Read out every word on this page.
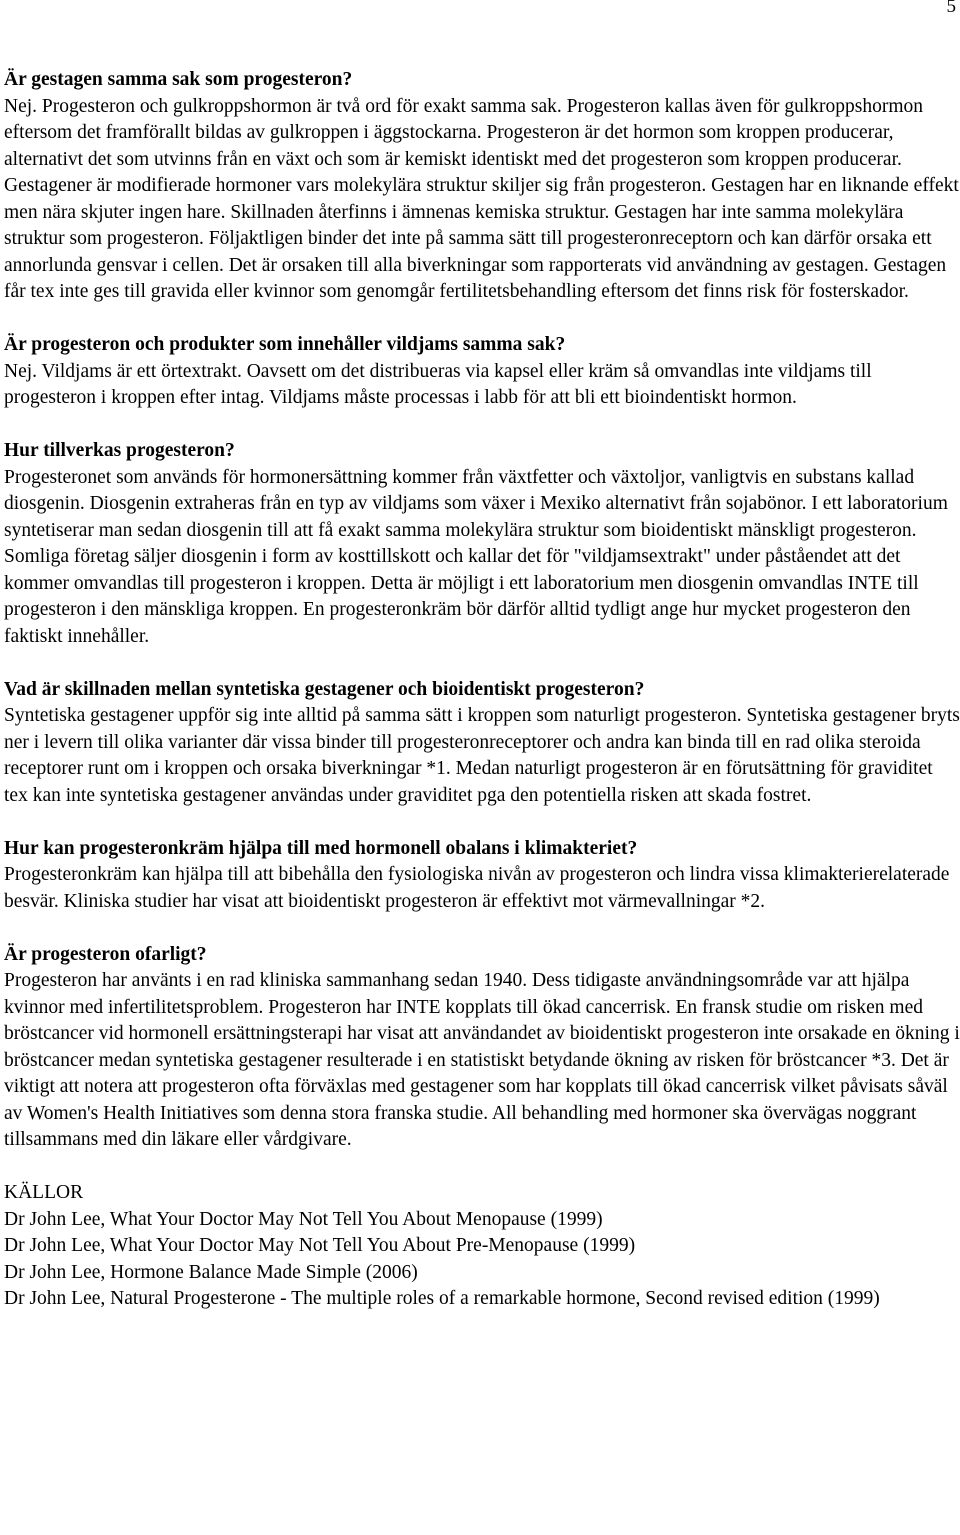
5

Är gestagen samma sak som progesteron?

Nej. Progesteron och gulkroppshormon är två ord för exakt samma sak. Progesteron kallas även för gulkroppshormon eftersom det framförallt bildas av gulkroppen i äggstockarna. Progesteron är det hormon som kroppen producerar, alternativt det som utvinns från en växt och som är kemiskt identiskt med det progesteron som kroppen producerar.

Gestagener är modifierade hormoner vars molekylära struktur skiljer sig från progesteron. Gestagen har en liknande effekt men nära skjuter ingen hare. Skillnaden återfinns i ämnenas kemiska struktur. Gestagen har inte samma molekylära struktur som progesteron. Följaktligen binder det inte på samma sätt till progesteronreceptorn och kan därför orsaka ett annorlunda gensvar i cellen. Det är orsaken till alla biverkningar som rapporterats vid användning av gestagen. Gestagen får tex inte ges till gravida eller kvinnor som genomgår fertilitetsbehandling eftersom det finns risk för fosterskador.

Är progesteron och produkter som innehåller vildjams samma sak?

Nej. Vildjams är ett örtextrakt. Oavsett om det distribueras via kapsel eller kräm så omvandlas inte vildjams till progesteron i kroppen efter intag. Vildjams måste processas i labb för att bli ett bioindentiskt hormon.

Hur tillverkas progesteron?

Progesteronet som används för hormonersättning kommer från växtfetter och växtoljor, vanligtvis en substans kallad diosgenin. Diosgenin extraheras från en typ av vildjams som växer i Mexiko alternativt från sojabönor. I ett laboratorium syntetiserar man sedan diosgenin till att få exakt samma molekylära struktur som bioidentiskt mänskligt progesteron. Somliga företag säljer diosgenin i form av kosttillskott och kallar det för "vildjamsextrakt" under påståendet att det kommer omvandlas till progesteron i kroppen. Detta är möjligt i ett laboratorium men diosgenin omvandlas INTE till progesteron i den mänskliga kroppen. En progesteronkräm bör därför alltid tydligt ange hur mycket progesteron den faktiskt innehåller.

Vad är skillnaden mellan syntetiska gestagener och bioidentiskt progesteron?

Syntetiska gestagener uppför sig inte alltid på samma sätt i kroppen som naturligt progesteron. Syntetiska gestagener bryts ner i levern till olika varianter där vissa binder till progesteronreceptorer och andra kan binda till en rad olika steroida receptorer runt om i kroppen och orsaka biverkningar *1. Medan naturligt progesteron är en förutsättning för graviditet tex kan inte syntetiska gestagener användas under graviditet pga den potentiella risken att skada fostret.

Hur kan progesteronkräm hjälpa till med hormonell obalans i klimakteriet?

Progesteronkräm kan hjälpa till att bibehålla den fysiologiska nivån av progesteron och lindra vissa klimakterierelaterade besvär. Kliniska studier har visat att bioidentiskt progesteron är effektivt mot värmevallningar *2.

Är progesteron ofarligt?

Progesteron har använts i en rad kliniska sammanhang sedan 1940. Dess tidigaste användningsområde var att hjälpa kvinnor med infertilitetsproblem. Progesteron har INTE kopplats till ökad cancerrisk. En fransk studie om risken med bröstcancer vid hormonell ersättningsterapi har visat att användandet av bioidentiskt progesteron inte orsakade en ökning i bröstcancer medan syntetiska gestagener resulterade i en statistiskt betydande ökning av risken för bröstcancer *3. Det är viktigt att notera att progesteron ofta förväxlas med gestagener som har kopplats till ökad cancerrisk vilket påvisats såväl av Women's Health Initiatives som denna stora franska studie. All behandling med hormoner ska övervägas noggrant tillsammans med din läkare eller vårdgivare.

KÄLLOR

Dr John Lee, What Your Doctor May Not Tell You About Menopause (1999)

Dr John Lee, What Your Doctor May Not Tell You About Pre-Menopause (1999)

Dr John Lee, Hormone Balance Made Simple (2006)

Dr John Lee, Natural Progesterone - The multiple roles of a remarkable hormone, Second revised edition (1999)
